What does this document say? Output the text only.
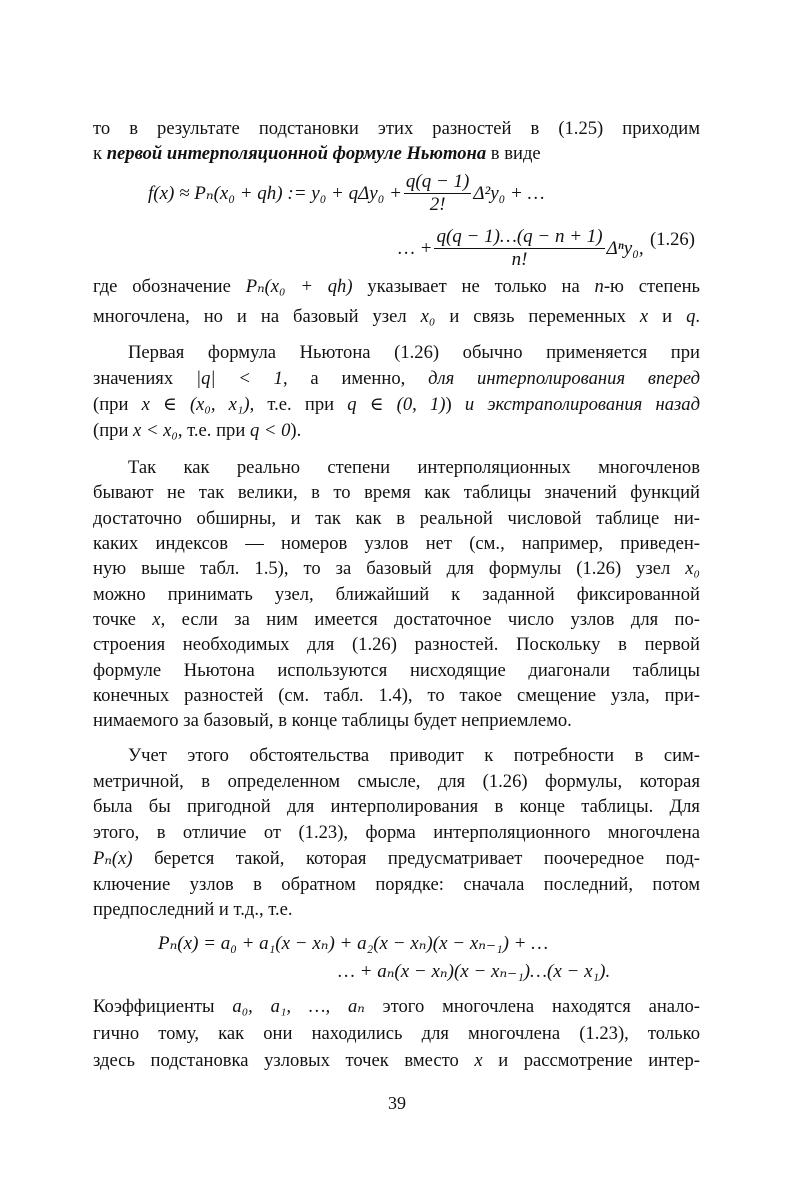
(1.26)
39
то в результате подстановки этих разностей в (1.25) приходим
к первой интерполяционной формуле Ньютона в виде
где обозначение Pₙ(x₀ + qh) указывает не только на n-ю степень
многочлена, но и на базовый узел x₀ и связь переменных x и q.
Первая формула Ньютона (1.26) обычно применяется при
значениях |q| < 1, а именно, для интерполирования вперед
(при x ∈ (x₀, x₁), т.е. при q ∈ (0, 1)) и экстраполирования назад
(при x < x₀, т.е. при q < 0).
Так как реально степени интерполяционных многочленов
бывают не так велики, в то время как таблицы значений функций
достаточно обширны, и так как в реальной числовой таблице ни-
каких индексов — номеров узлов нет (см., например, приведен-
ную выше табл. 1.5), то за базовый для формулы (1.26) узел x₀
можно принимать узел, ближайший к заданной фиксированной
точке x, если за ним имеется достаточное число узлов для по-
строения необходимых для (1.26) разностей. Поскольку в первой
формуле Ньютона используются нисходящие диагонали таблицы
конечных разностей (см. табл. 1.4), то такое смещение узла, при-
нимаемого за базовый, в конце таблицы будет неприемлемо.
Учет этого обстоятельства приводит к потребности в сим-
метричной, в определенном смысле, для (1.26) формулы, которая
была бы пригодной для интерполирования в конце таблицы. Для
этого, в отличие от (1.23), форма интерполяционного многочлена
Pₙ(x) берется такой, которая предусматривает поочередное под-
ключение узлов в обратном порядке: сначала последний, потом
предпоследний и т.д., т.е.
Коэффициенты a₀, a₁, …, aₙ этого многочлена находятся анало-
гично тому, как они находились для многочлена (1.23), только
здесь подстановка узловых точек вместо x и рассмотрение интер-
f(x) ≈ Pₙ(x₀ + qh) := $y_0 + q\Delta y_0 + \frac{q(q - 1)}{2!} \Delta^2y_0$ + …
… + $\frac{q(q - 1)\dots(q - n + 1)}{n!} \Delta^ny_0$,
Pₙ(x) = a₀ + a₁(x − xₙ) + a₂(x − xₙ)(x − xₙ₋₁) + …
… + aₙ(x − xₙ)(x − xₙ₋₁)…(x − x₁).
